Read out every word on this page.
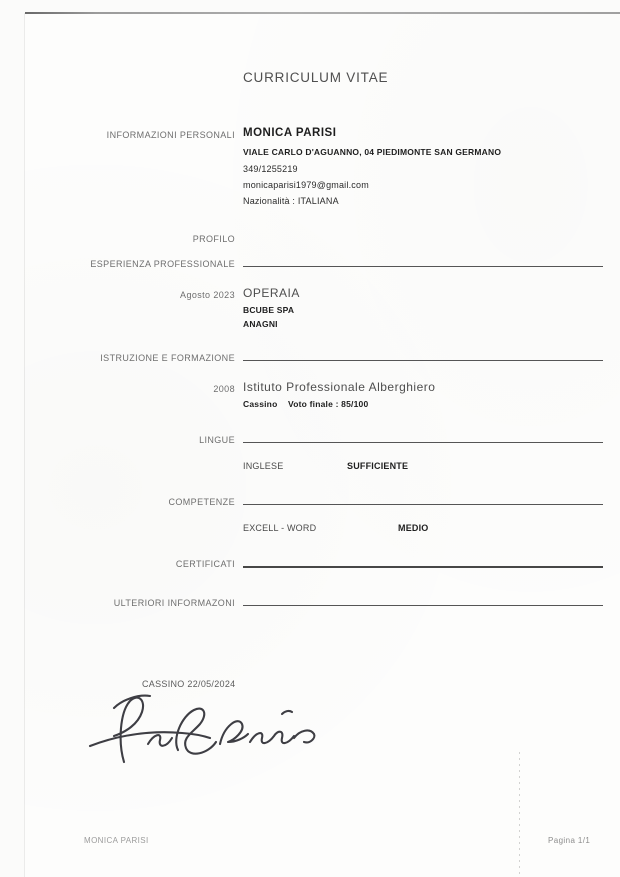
CURRICULUM VITAE
INFORMAZIONI PERSONALI MONICA PARISI
VIALE CARLO D'AGUANNO, 04 PIEDIMONTE SAN GERMANO
349/1255219
monicaparisi1979@gmail.com
Nazionalità : ITALIANA
PROFILO
ESPERIENZA PROFESSIONALE
Agosto 2023 OPERAIA
BCUBE SPA
ANAGNI
ISTRUZIONE E FORMAZIONE
2008 Istituto Professionale Alberghiero
Cassino Voto finale : 85/100
LINGUE
INGLESE	SUFFICIENTE
COMPETENZE
EXCELL - WORD	MEDIO
CERTIFICATI
ULTERIORI INFORMAZONI
CASSINO 22/05/2024
MONICA PARISI	Pagina 1/1
